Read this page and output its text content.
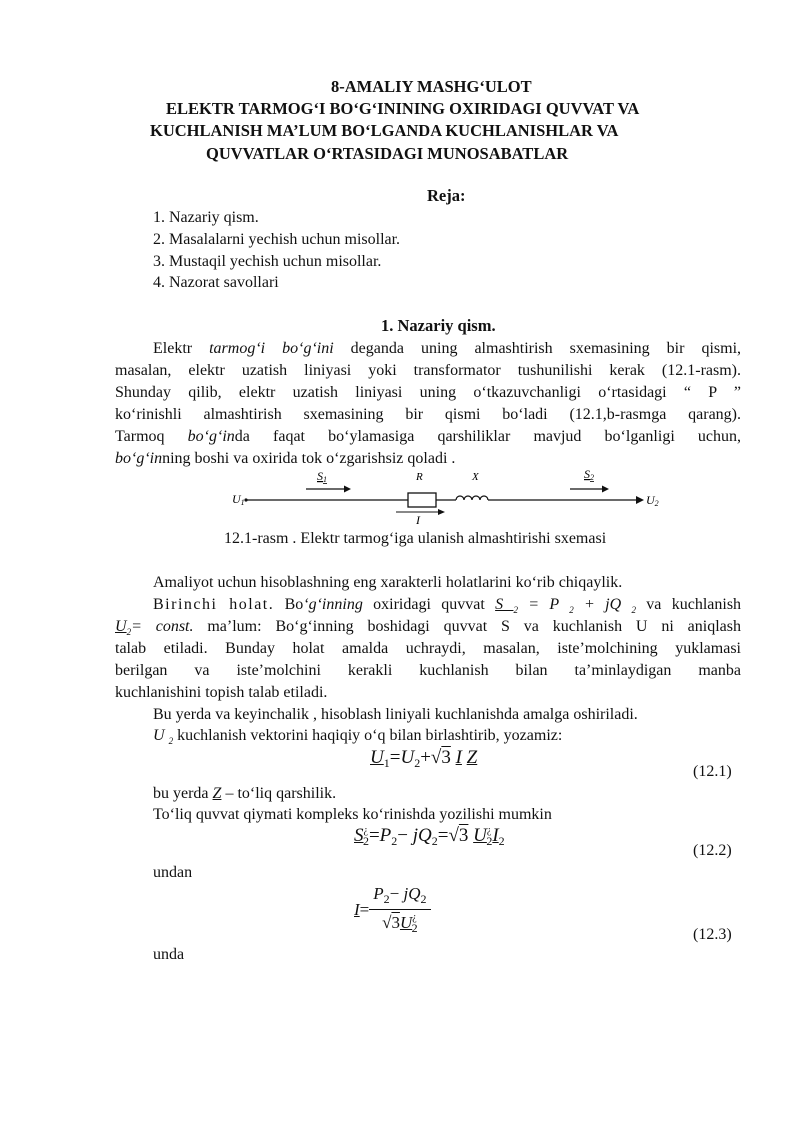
8-AMALIY MASHG‘ULOT
ELEKTR TARMOG‘I BO‘G‘ININING OXIRIDAGI QUVVAT VA
KUCHLANISH MA’LUM BO‘LGANDA KUCHLANISHLAR VA
QUVVATLAR O‘RTASIDAGI MUNOSABATLAR
Reja:
1. Nazariy qism.
2. Masalalarni yechish uchun misollar.
3. Mustaqil yechish uchun misollar.
4. Nazorat savollari
1. Nazariy qism.
Elektr tarmog‘i bo‘g‘ini deganda uning almashtirish sxemasining bir qismi,
masalan, elektr uzatish liniyasi yoki transformator tushunilishi kerak (12.1-rasm).
Shunday qilib, elektr uzatish liniyasi uning o‘tkazuvchanligi o‘rtasidagi “ P ”
ko‘rinishli almashtirish sxemasining bir qismi bo‘ladi (12.1,b-rasmga qarang).
Tarmoq bo‘g‘inda faqat bo‘ylamasiga qarshiliklar mavjud bo‘lganligi uchun,
bo‘g‘inning boshi va oxirida tok o‘zgarishsiz qoladi .
U1
S1	R	X	S2
U2
I
12.1-rasm . Elektr tarmog‘iga ulanish almashtirishi sxemasi
Amaliyot uchun hisoblashning eng xarakterli holatlarini ko‘rib chiqaylik.
Birinchi holat. Bo‘g‘inning oxiridagi quvvat S $_2$ = P $_2$ + jQ $_2$ va kuchlanish
$U_2=$ const. ma’lum: Bo‘g‘inning boshidagi quvvat S va kuchlanish U ni aniqlash
talab etiladi. Bunday holat amalda uchraydi, masalan, iste’molchining yuklamasi
berilgan va iste’molchini kerakli kuchlanish bilan ta’minlaydigan manba
kuchlanishini topish talab etiladi.
Bu yerda va keyinchalik , hisoblash liniyali kuchlanishda amalga oshiriladi.
U $_2$ kuchlanish vektorini haqiqiy o‘q bilan birlashtirib, yozamiz:
$U_1=U_2+√3$ I Z
(12.1)
bu yerda Z – to‘liq qarshilik.
To‘liq quvvat qiymati kompleks ko‘rinishda yozilishi mumkin
$S^¿_2=P_2- jQ_2=√3$ $U^¿_2I_2$
(12.2)
undan
$I= \frac{P_2- jQ_2}{√3U^¿_2}$	(12.3)
unda
